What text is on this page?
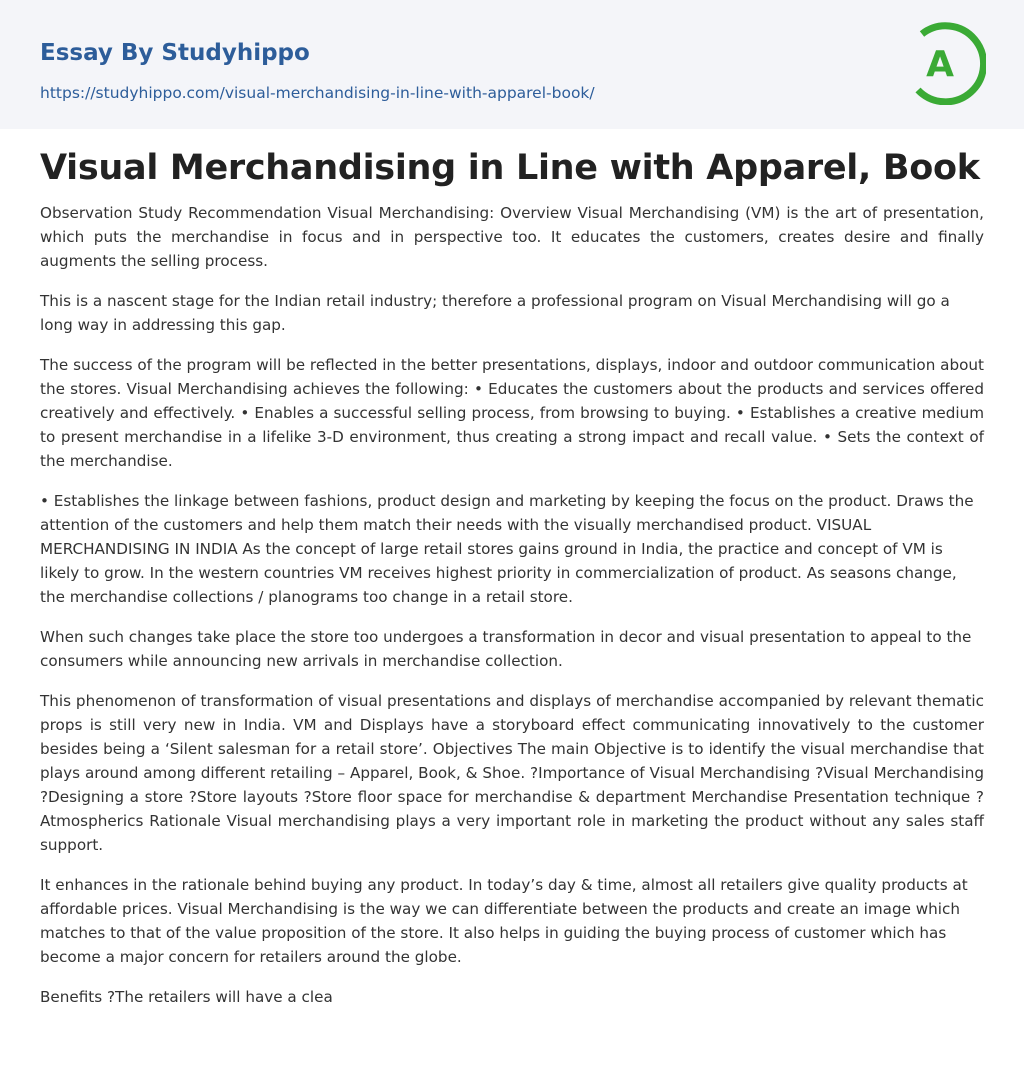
Essay By Studyhippo
https://studyhippo.com/visual-merchandising-in-line-with-apparel-book/
A
Visual Merchandising in Line with Apparel, Book

Observation Study Recommendation Visual Merchandising: Overview Visual Merchandising (VM) is the art of presentation, which puts the merchandise in focus and in perspective too. It educates the customers, creates desire and finally augments the selling process.

This is a nascent stage for the Indian retail industry; therefore a professional program on Visual Merchandising will go a long way in addressing this gap.

The success of the program will be reflected in the better presentations, displays, indoor and outdoor communication about the stores. Visual Merchandising achieves the following: • Educates the customers about the products and services offered creatively and effectively. • Enables a successful selling process, from browsing to buying. • Establishes a creative medium to present merchandise in a lifelike 3-D environment, thus creating a strong impact and recall value. • Sets the context of the merchandise.

• Establishes the linkage between fashions, product design and marketing by keeping the focus on the product. Draws the attention of the customers and help them match their needs with the visually merchandised product. VISUAL MERCHANDISING IN INDIA As the concept of large retail stores gains ground in India, the practice and concept of VM is likely to grow. In the western countries VM receives highest priority in commercialization of product. As seasons change, the merchandise collections / planograms too change in a retail store.

When such changes take place the store too undergoes a transformation in decor and visual presentation to appeal to the consumers while announcing new arrivals in merchandise collection.

This phenomenon of transformation of visual presentations and displays of merchandise accompanied by relevant thematic props is still very new in India. VM and Displays have a storyboard effect communicating innovatively to the customer besides being a ‘Silent salesman for a retail store’. Objectives The main Objective is to identify the visual merchandise that plays around among different retailing – Apparel, Book, & Shoe. ?Importance of Visual Merchandising ?Visual Merchandising ?Designing a store ?Store layouts ?Store floor space for merchandise & department Merchandise Presentation technique ?Atmospherics Rationale Visual merchandising plays a very important role in marketing the product without any sales staff support.

It enhances in the rationale behind buying any product. In today’s day & time, almost all retailers give quality products at affordable prices. Visual Merchandising is the way we can differentiate between the products and create an image which matches to that of the value proposition of the store. It also helps in guiding the buying process of customer which has become a major concern for retailers around the globe.

Benefits ?The retailers will have a clea
